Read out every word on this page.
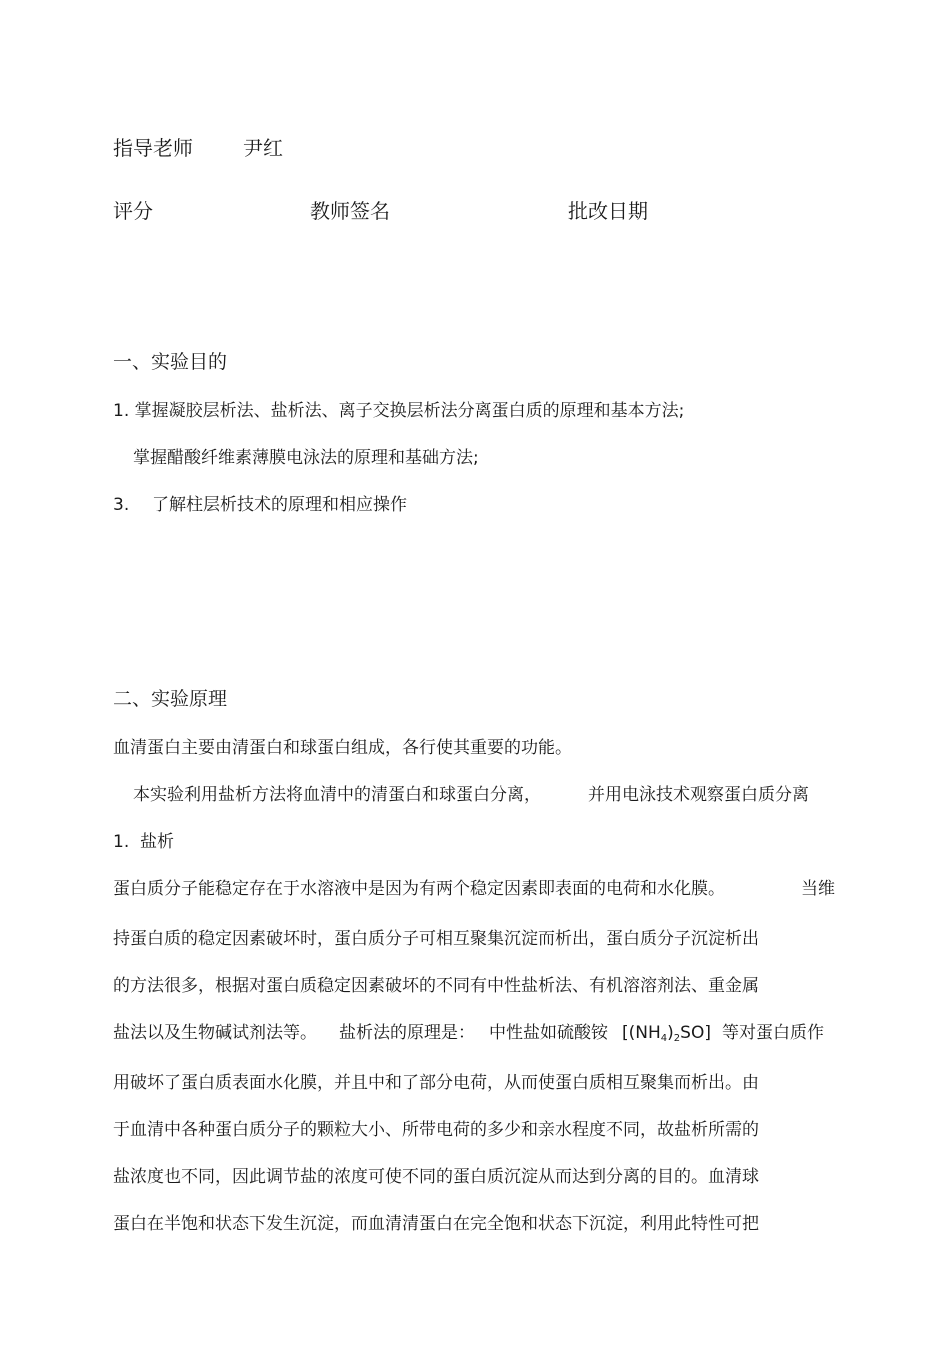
指导老师	尹红
评分	教师签名	批改日期
一、实验目的
1. 掌握凝胶层析法、盐析法、离子交换层析法分离蛋白质的原理和基本方法;
掌握醋酸纤维素薄膜电泳法的原理和基础方法;
3. 了解柱层析技术的原理和相应操作
二、实验原理
血清蛋白主要由清蛋白和球蛋白组成，各行使其重要的功能。
本实验利用盐析方法将血清中的清蛋白和球蛋白分离，	并用电泳技术观察蛋白质分离
1. 盐析
蛋白质分子能稳定存在于水溶液中是因为有两个稳定因素即表面的电荷和水化膜。	当维
持蛋白质的稳定因素破坏时，蛋白质分子可相互聚集沉淀而析出，蛋白质分子沉淀析出
的方法很多，根据对蛋白质稳定因素破坏的不同有中性盐析法、有机溶溶剂法、重金属
盐法以及生物碱试剂法等。 盐析法的原理是： 中性盐如硫酸铵 $[(NH_4)_2SO]$ 等对蛋白质作
用破坏了蛋白质表面水化膜，并且中和了部分电荷，从而使蛋白质相互聚集而析出。由
于血清中各种蛋白质分子的颗粒大小、所带电荷的多少和亲水程度不同，故盐析所需的
盐浓度也不同，因此调节盐的浓度可使不同的蛋白质沉淀从而达到分离的目的。血清球
蛋白在半饱和状态下发生沉淀，而血清清蛋白在完全饱和状态下沉淀，利用此特性可把
